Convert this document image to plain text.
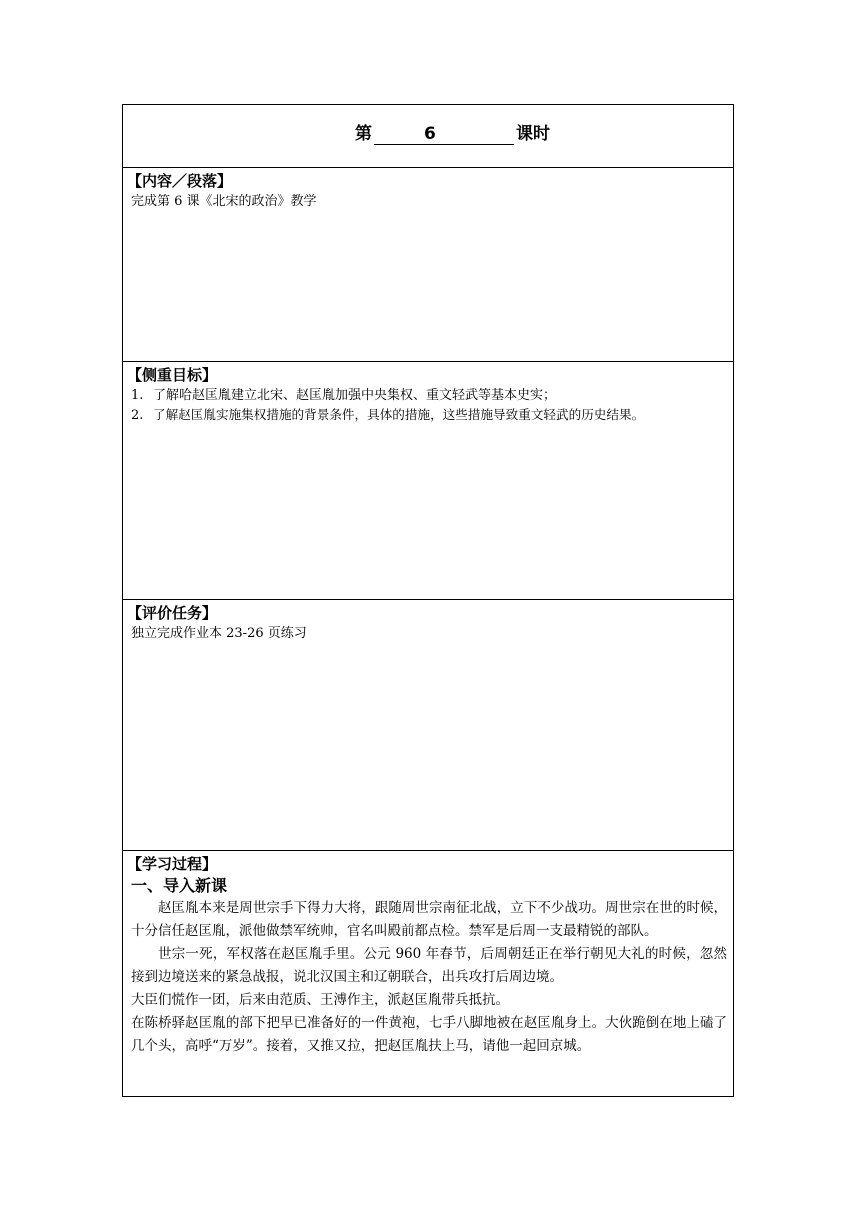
第	6	课时
【内容／段落】
完成第 6 课《北宋的政治》教学
【侧重目标】
1. 了解哈赵匡胤建立北宋、赵匡胤加强中央集权、重文轻武等基本史实；
2. 了解赵匡胤实施集权措施的背景条件，具体的措施，这些措施导致重文轻武的历史结果。
【评价任务】
独立完成作业本 23-26 页练习
【学习过程】
一、导入新课

赵匡胤本来是周世宗手下得力大将，跟随周世宗南征北战，立下不少战功。周世宗在世的时候，十分信任赵匡胤，派他做禁军统帅，官名叫殿前都点检。禁军是后周一支最精锐的部队。

世宗一死，军权落在赵匡胤手里。公元 960 年春节，后周朝廷正在举行朝见大礼的时候，忽然接到边境送来的紧急战报，说北汉国主和辽朝联合，出兵攻打后周边境。

大臣们慌作一团，后来由范质、王溥作主，派赵匡胤带兵抵抗。

在陈桥驿赵匡胤的部下把早已准备好的一件黄袍，七手八脚地被在赵匡胤身上。大伙跪倒在地上磕了几个头，高呼“万岁”。接着，又推又拉，把赵匡胤扶上马，请他一起回京城。
